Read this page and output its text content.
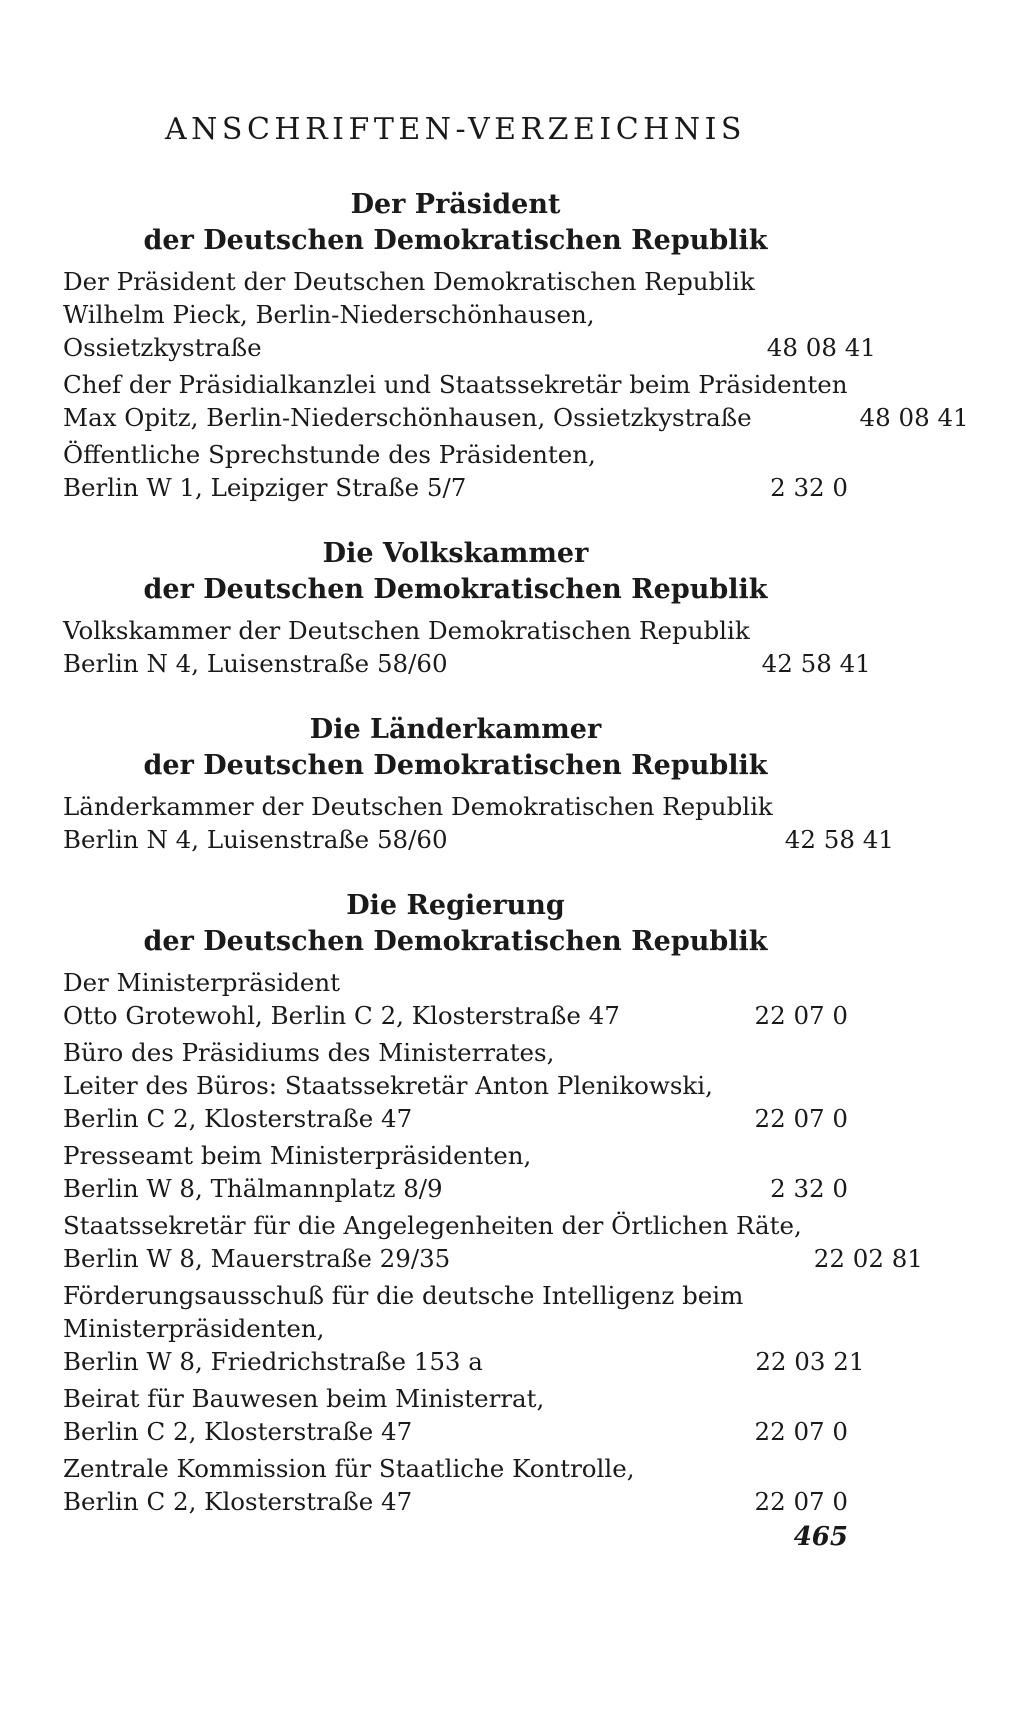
ANSCHRIFTEN-VERZEICHNIS
Der Präsident
der Deutschen Demokratischen Republik
Der Präsident der Deutschen Demokratischen Republik
Wilhelm Pieck, Berlin-Niederschönhausen,
Ossietzkystraße	48 08 41
Chef der Präsidialkanzlei und Staatssekretär beim Präsidenten
Max Opitz, Berlin-Niederschönhausen, Ossietzkystraße	48 08 41
Öffentliche Sprechstunde des Präsidenten,
Berlin W 1, Leipziger Straße 5/7	2 32 0
Die Volkskammer
der Deutschen Demokratischen Republik
Volkskammer der Deutschen Demokratischen Republik
Berlin N 4, Luisenstraße 58/60	42 58 41
Die Länderkammer
der Deutschen Demokratischen Republik
Länderkammer der Deutschen Demokratischen Republik
Berlin N 4, Luisenstraße 58/60	42 58 41
Die Regierung
der Deutschen Demokratischen Republik
Der Ministerpräsident
Otto Grotewohl, Berlin C 2, Klosterstraße 47	22 07 0
Büro des Präsidiums des Ministerrates,
Leiter des Büros: Staatssekretär Anton Plenikowski,
Berlin C 2, Klosterstraße 47	22 07 0
Presseamt beim Ministerpräsidenten,
Berlin W 8, Thälmannplatz 8/9	2 32 0
Staatssekretär für die Angelegenheiten der Örtlichen Räte,
Berlin W 8, Mauerstraße 29/35	22 02 81
Förderungsausschuß für die deutsche Intelligenz beim
Ministerpräsidenten,
Berlin W 8, Friedrichstraße 153 a	22 03 21
Beirat für Bauwesen beim Ministerrat,
Berlin C 2, Klosterstraße 47	22 07 0
Zentrale Kommission für Staatliche Kontrolle,
Berlin C 2, Klosterstraße 47	22 07 0
465
